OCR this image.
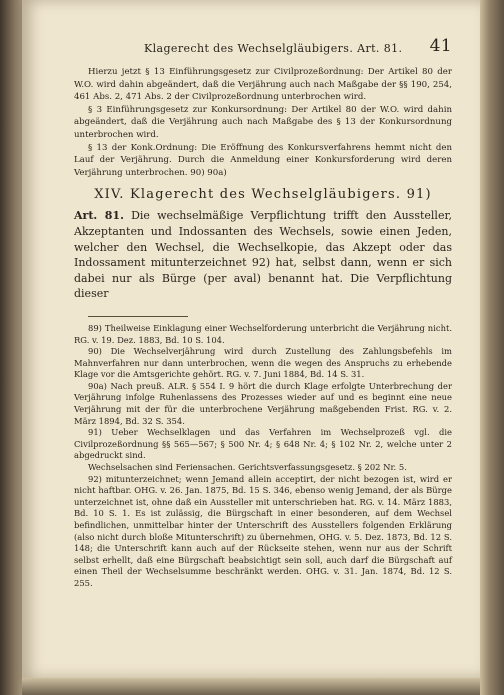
Klagerecht des Wechselgläubigers. Art. 81. 41

Hierzu jetzt § 13 Einführungsgesetz zur Civilprozeßordnung: Der Artikel 80 der W.O. wird dahin abgeändert, daß die Verjährung auch nach Maßgabe der §§ 190, 254, 461 Abs. 2, 471 Abs. 2 der Civilprozeßordnung unterbrochen wird.

§ 3 Einführungsgesetz zur Konkursordnung: Der Artikel 80 der W.O. wird dahin abgeändert, daß die Verjährung auch nach Maßgabe des § 13 der Konkursordnung unterbrochen wird.

§ 13 der Konk.Ordnung: Die Eröffnung des Konkursverfahrens hemmt nicht den Lauf der Verjährung. Durch die Anmeldung einer Konkursforderung wird deren Verjährung unterbrochen. 90) 90a)

XIV. Klagerecht des Wechselgläubigers. 91)

Art. 81. Die wechselmäßige Verpflichtung trifft den Aussteller, Akzeptanten und Indossanten des Wechsels, sowie einen Jeden, welcher den Wechsel, die Wechselkopie, das Akzept oder das Indossament mitunterzeichnet 92) hat, selbst dann, wenn er sich dabei nur als Bürge (per aval) benannt hat. Die Verpflichtung dieser

89) Theilweise Einklagung einer Wechselforderung unterbricht die Verjährung nicht. RG. v. 19. Dez. 1883, Bd. 10 S. 104.

90) Die Wechselverjährung wird durch Zustellung des Zahlungsbefehls im Mahnverfahren nur dann unterbrochen, wenn die wegen des Anspruchs zu erhebende Klage vor die Amtsgerichte gehört. RG. v. 7. Juni 1884, Bd. 14 S. 31.

90a) Nach preuß. ALR. § 554 I. 9 hört die durch Klage erfolgte Unterbrechung der Verjährung infolge Ruhenlassens des Prozesses wieder auf und es beginnt eine neue Verjährung mit der für die unterbrochene Verjährung maßgebenden Frist. RG. v. 2. März 1894, Bd. 32 S. 354.

91) Ueber Wechselklagen und das Verfahren im Wechselprozeß vgl. die Civilprozeßordnung §§ 565—567; § 500 Nr. 4; § 648 Nr. 4; § 102 Nr. 2, welche unter 2 abgedruckt sind.

Wechselsachen sind Feriensachen. Gerichtsverfassungsgesetz. § 202 Nr. 5.

92) mitunterzeichnet; wenn Jemand allein acceptirt, der nicht bezogen ist, wird er nicht haftbar. OHG. v. 26. Jan. 1875, Bd. 15 S. 346, ebenso wenig Jemand, der als Bürge unterzeichnet ist, ohne daß ein Aussteller mit unterschrieben hat. RG. v. 14. März 1883, Bd. 10 S. 1. Es ist zulässig, die Bürgschaft in einer besonderen, auf dem Wechsel befindlichen, unmittelbar hinter der Unterschrift des Ausstellers folgenden Erklärung (also nicht durch bloße Mitunterschrift) zu übernehmen, OHG. v. 5. Dez. 1873, Bd. 12 S. 148; die Unterschrift kann auch auf der Rückseite stehen, wenn nur aus der Schrift selbst erhellt, daß eine Bürgschaft beabsichtigt sein soll, auch darf die Bürgschaft auf einen Theil der Wechselsumme beschränkt werden. OHG. v. 31. Jan. 1874, Bd. 12 S. 255.
